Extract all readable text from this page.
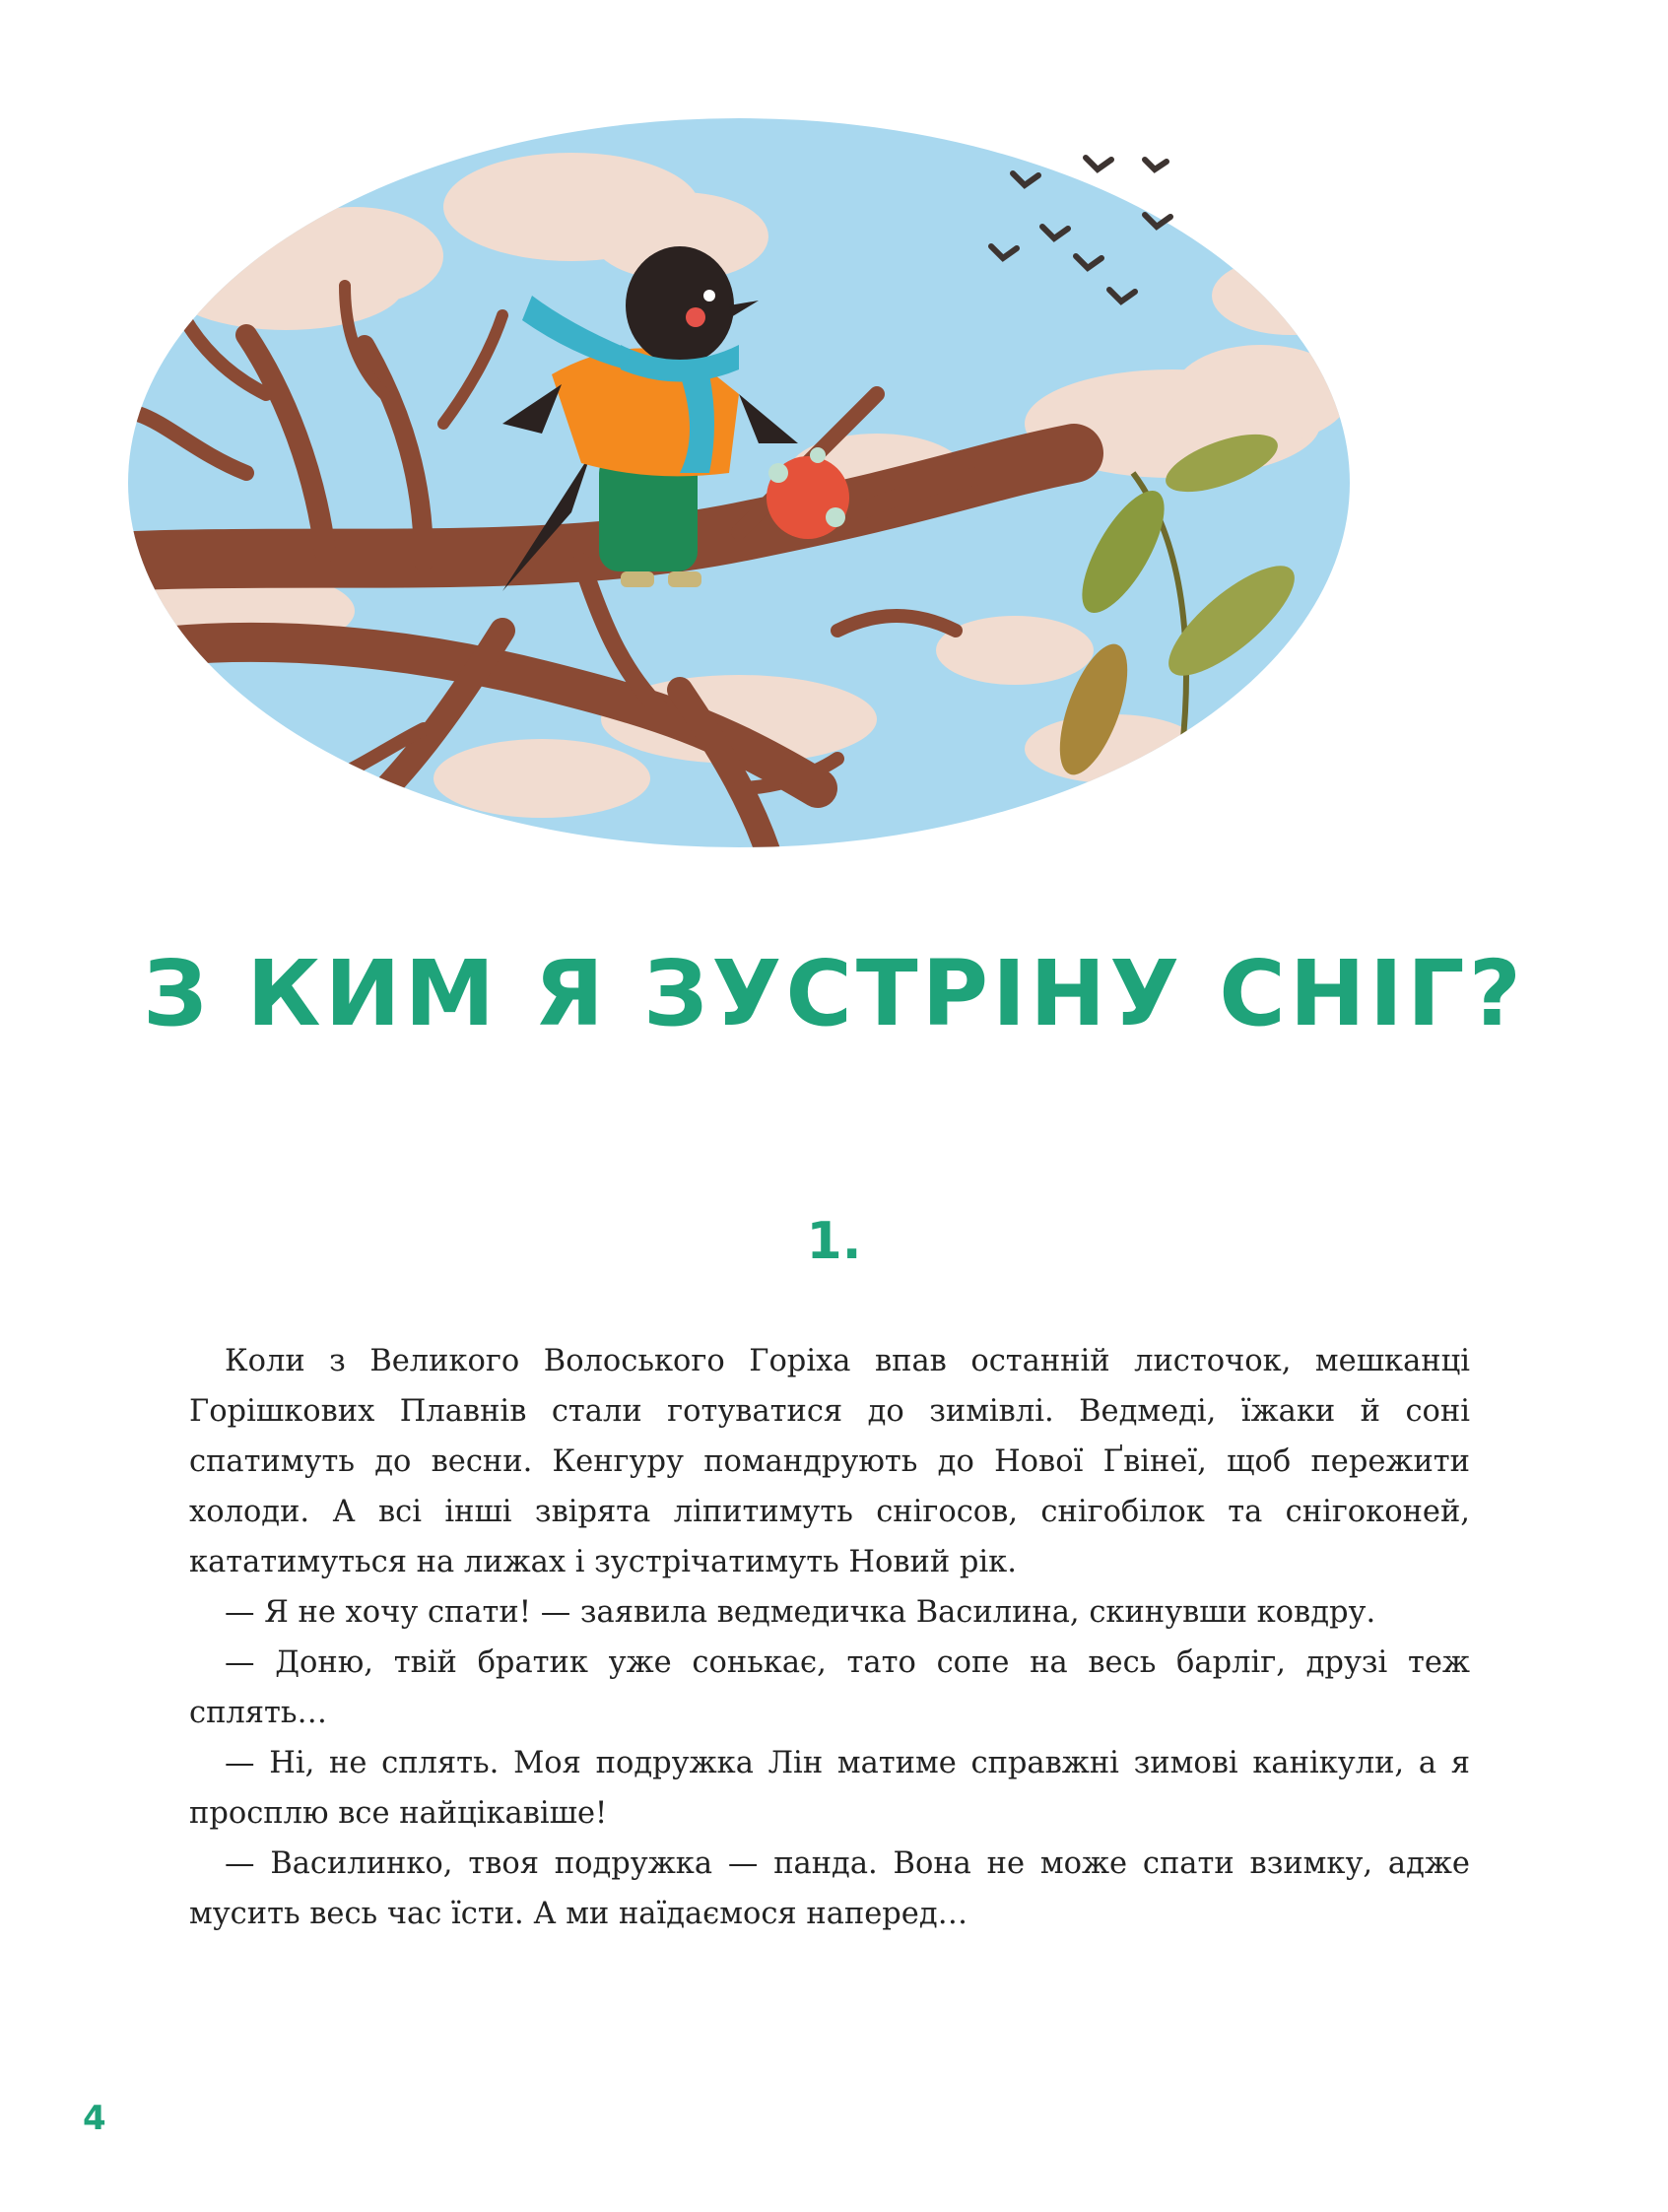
З КИМ Я ЗУСТРІНУ СНІГ?
1.

Коли з Великого Волоського Горіха впав останній листочок, мешканці Горішкових Плавнів стали готуватися до зимівлі. Ведмеді, їжаки й соні спатимуть до весни. Кенгуру помандрують до Нової Ґвінеї, щоб пережити холоди. А всі інші звірята ліпитимуть снігосов, снігобілок та снігоконей, кататимуться на лижах і зустрічатимуть Новий рік.

— Я не хочу спати! — заявила ведмедичка Василина, скинувши ковдру.

— Доню, твій братик уже сонькає, тато сопе на весь барліг, друзі теж сплять…

— Ні, не сплять. Моя подружка Лін матиме справжні зимові канікули, а я просплю все найцікавіше!

— Василинко, твоя подружка — панда. Вона не може спати взимку, адже мусить весь час їсти. А ми наїдаємося наперед…

4
